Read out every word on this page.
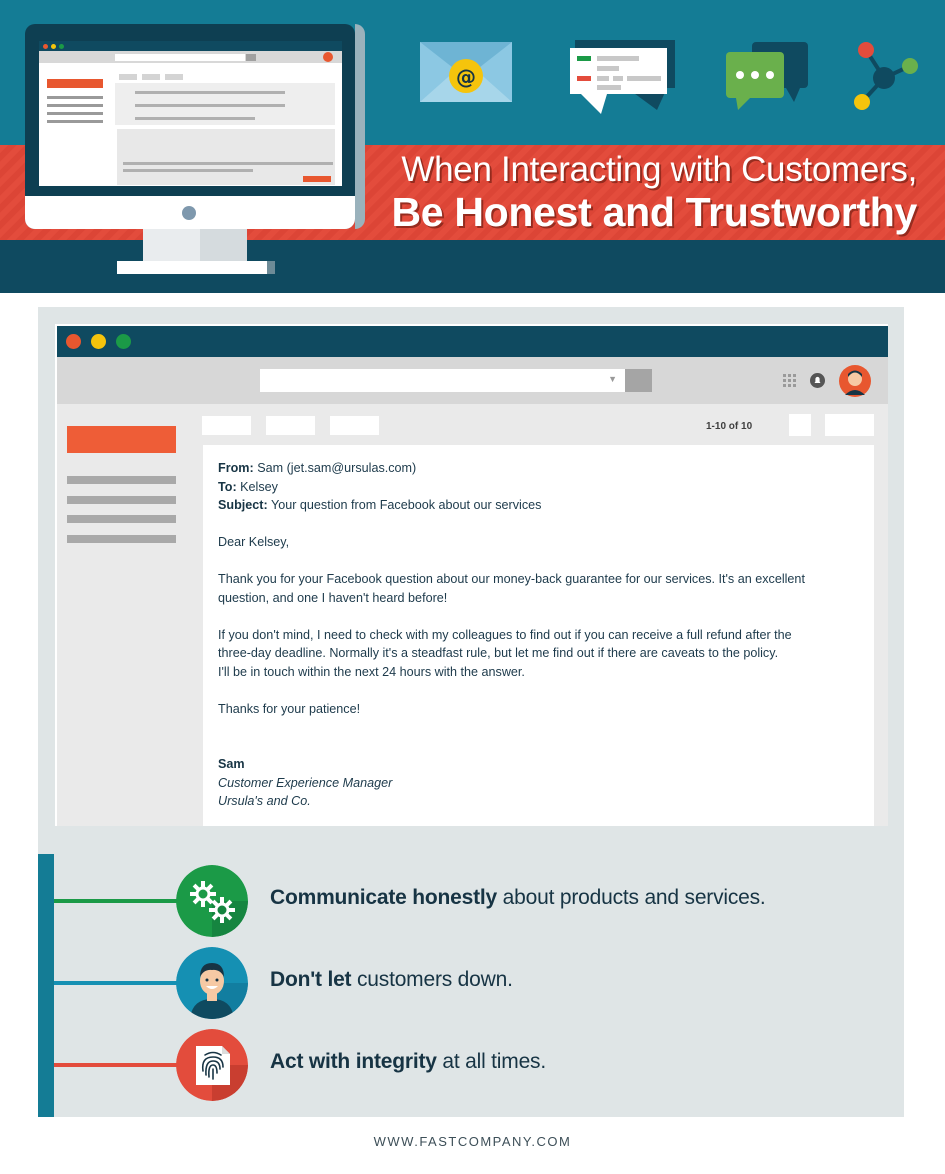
@
When Interacting with Customers,
Be Honest and Trustworthy
▼
1-10 of 10

From: Sam (jet.sam@ursulas.com)

To: Kelsey

Subject: Your question from Facebook about our services

Dear Kelsey,

Thank you for your Facebook question about our money-back guarantee for our services. It's an excellent

question, and one I haven't heard before!

If you don't mind, I need to check with my colleagues to find out if you can receive a full refund after the

three-day deadline. Normally it's a steadfast rule, but let me find out if there are caveats to the policy.

I'll be in touch within the next 24 hours with the answer.

Thanks for your patience!

Sam

Customer Experience Manager

Ursula's and Co.

Communicate honestly about products and services.
Don't let customers down.
Act with integrity at all times.
WWW.FASTCOMPANY.COM
